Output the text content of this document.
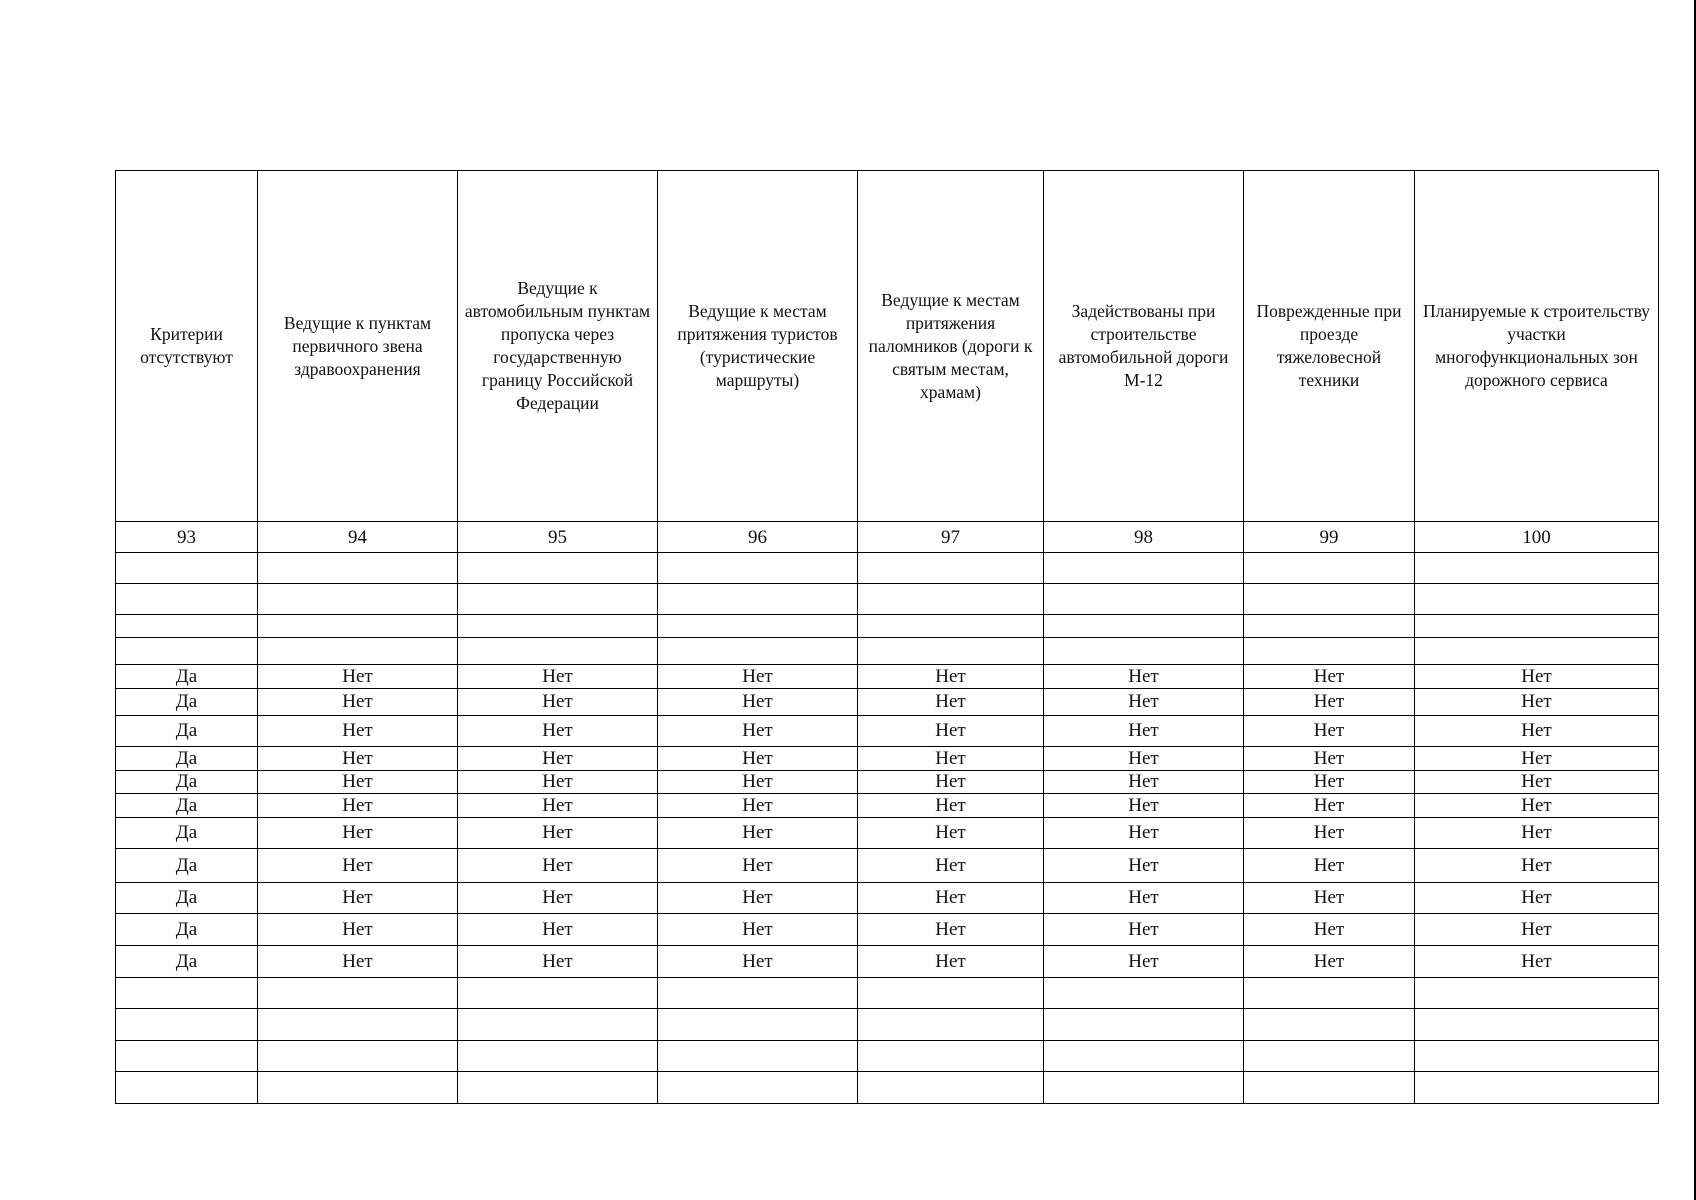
Критерии отсутствуют	Ведущие к пунктам первичного звена здравоохранения	Ведущие к автомобильным пунктам пропуска через государственную границу Российской Федерации	Ведущие к местам притяжения туристов (туристические маршруты)	Ведущие к местам притяжения паломников (дороги к святым местам, храмам)	Задействованы при строительстве автомобильной дороги М-12	Поврежденные при проезде тяжеловесной техники	Планируемые к строительству участки многофункциональных зон дорожного сервиса
93	94	95	96	97	98	99	100

Да	Нет	Нет	Нет	Нет	Нет	Нет	Нет
Да	Нет	Нет	Нет	Нет	Нет	Нет	Нет
Да	Нет	Нет	Нет	Нет	Нет	Нет	Нет
Да	Нет	Нет	Нет	Нет	Нет	Нет	Нет
Да	Нет	Нет	Нет	Нет	Нет	Нет	Нет
Да	Нет	Нет	Нет	Нет	Нет	Нет	Нет
Да	Нет	Нет	Нет	Нет	Нет	Нет	Нет
Да	Нет	Нет	Нет	Нет	Нет	Нет	Нет
Да	Нет	Нет	Нет	Нет	Нет	Нет	Нет
Да	Нет	Нет	Нет	Нет	Нет	Нет	Нет
Да	Нет	Нет	Нет	Нет	Нет	Нет	Нет
